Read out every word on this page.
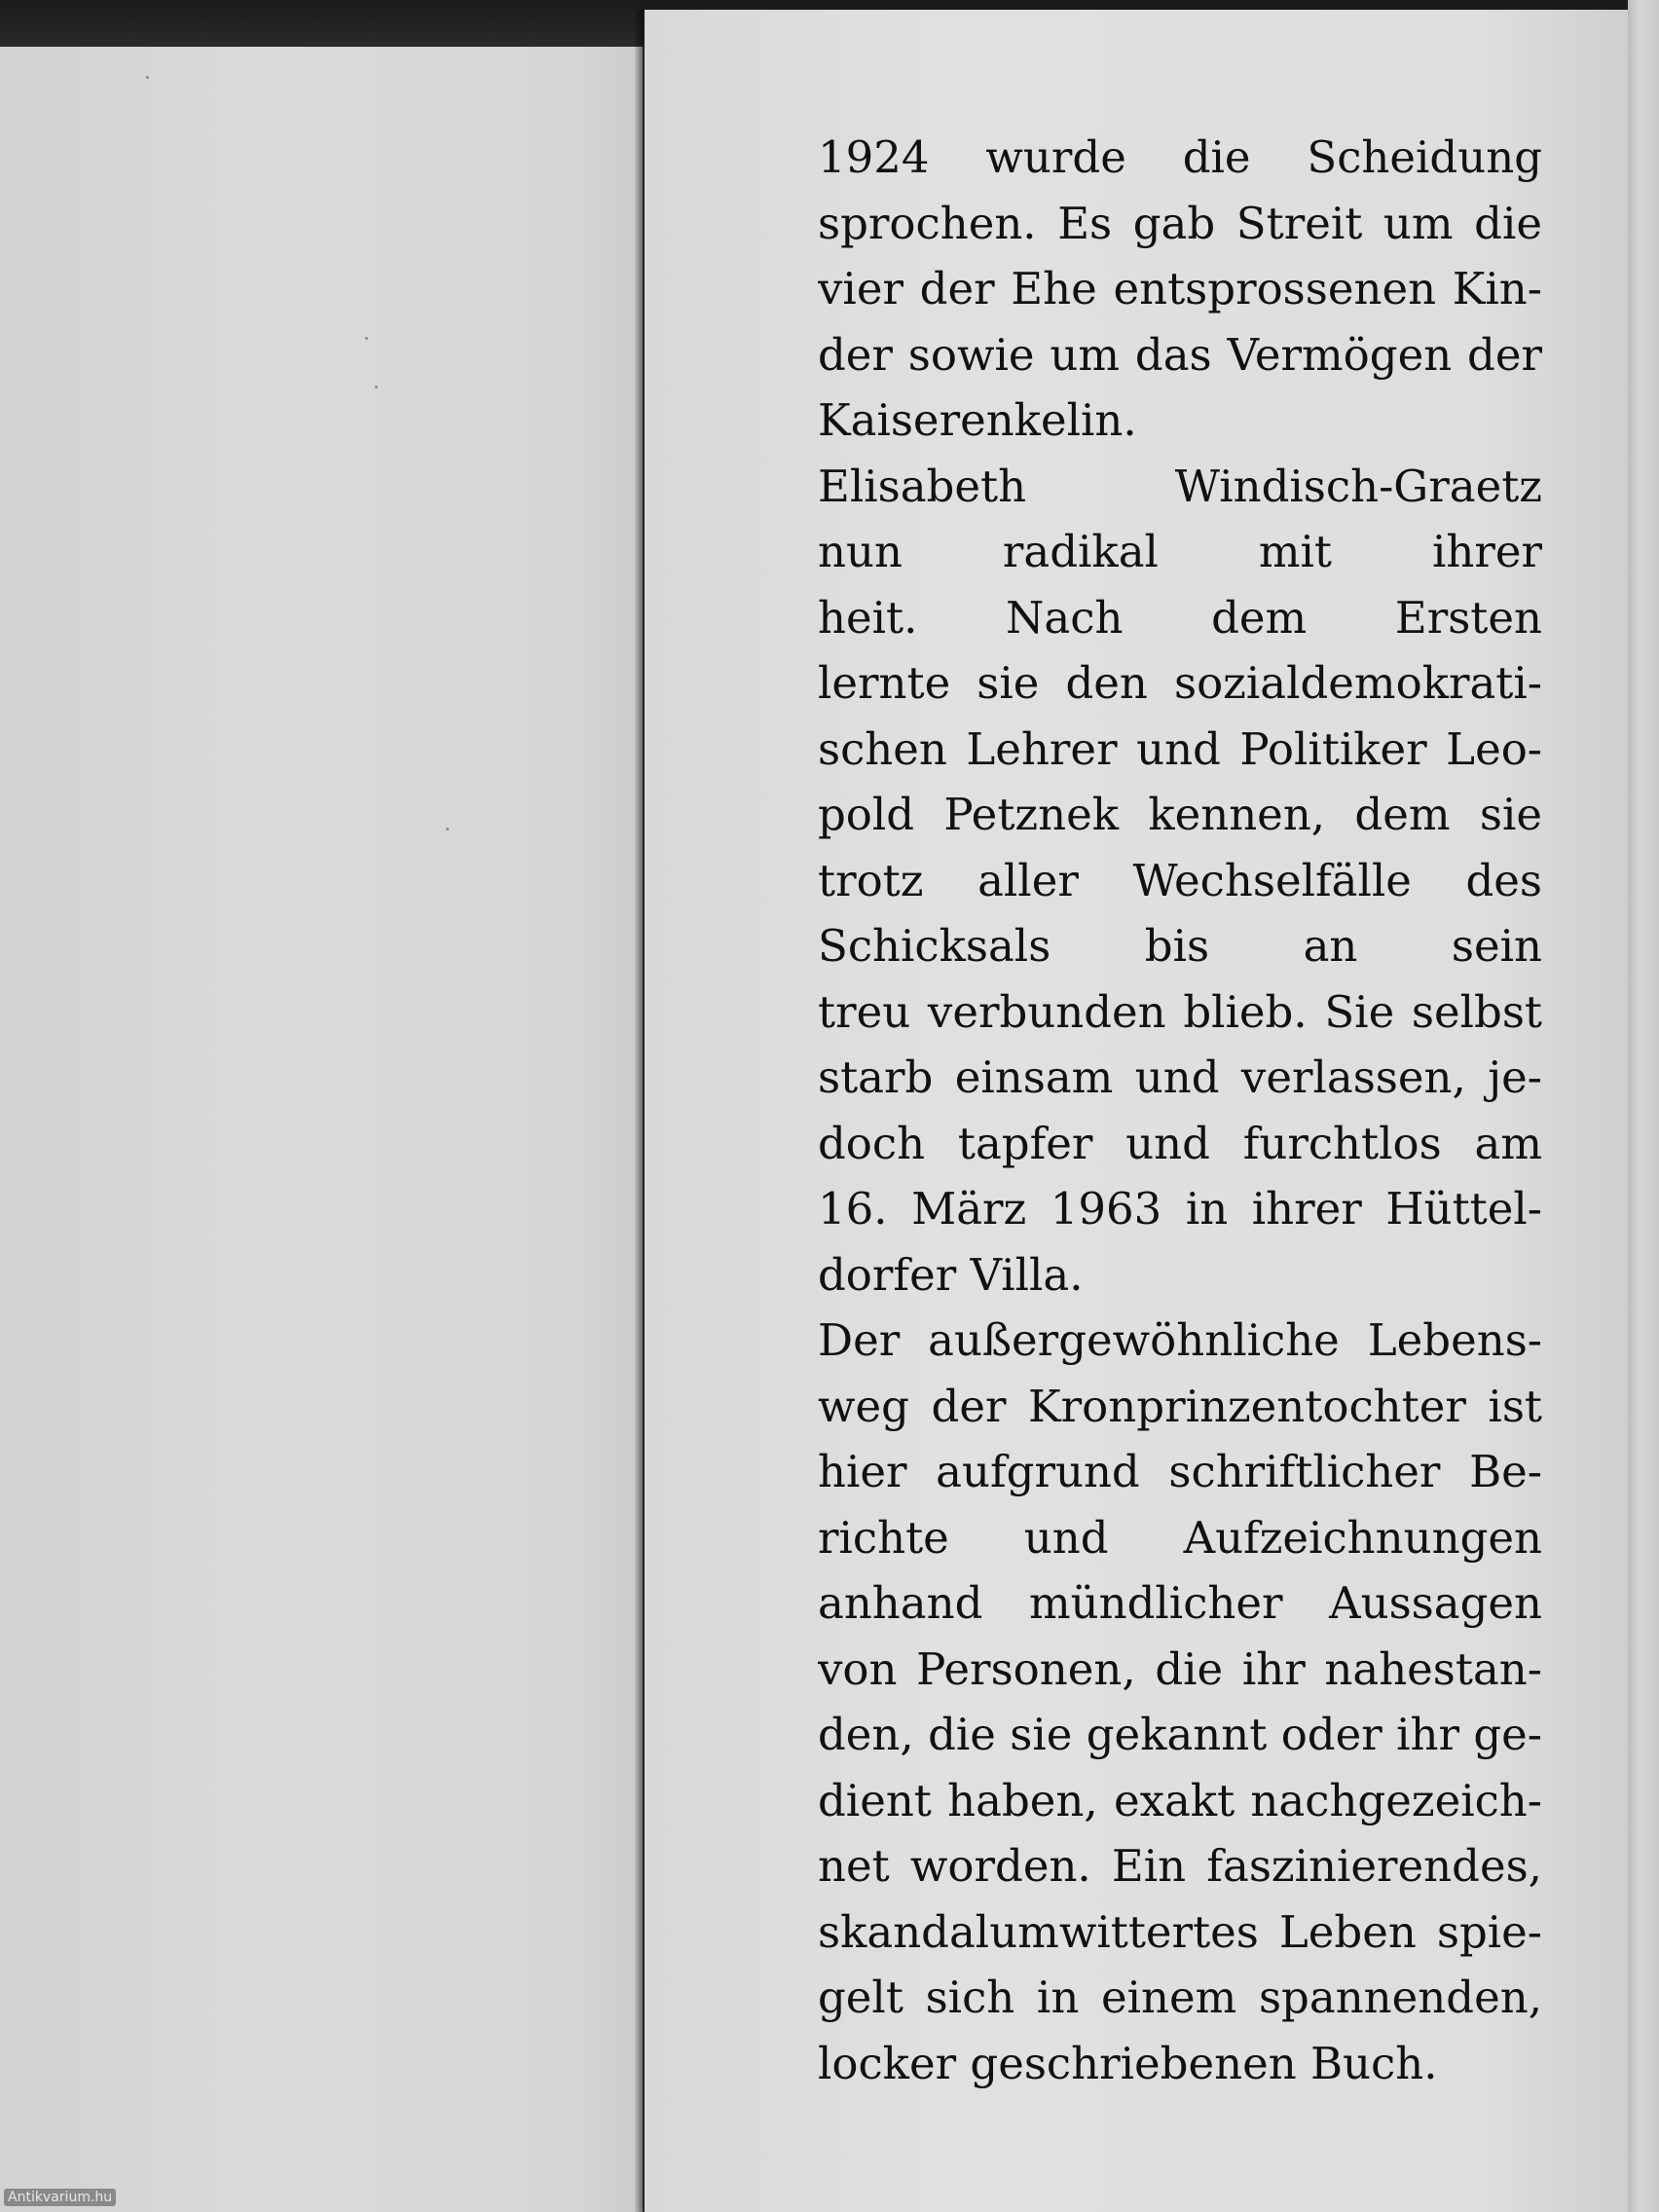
1924 wurde die Scheidung
sprochen. Es gab Streit um die
vier der Ehe entsprossenen Kin-
der sowie um das Vermögen der
Kaiserenkelin.
Elisabeth Windisch-Graetz
nun radikal mit ihrer
heit. Nach dem Ersten
lernte sie den sozialdemokrati-
schen Lehrer und Politiker Leo-
pold Petznek kennen, dem sie
trotz aller Wechselfälle des
Schicksals bis an sein
treu verbunden blieb. Sie selbst
starb einsam und verlassen, je-
doch tapfer und furchtlos am
16. März 1963 in ihrer Hüttel-
dorfer Villa.
Der außergewöhnliche Lebens-
weg der Kronprinzentochter ist
hier aufgrund schriftlicher Be-
richte und Aufzeichnungen
anhand mündlicher Aussagen
von Personen, die ihr nahestan-
den, die sie gekannt oder ihr ge-
dient haben, exakt nachgezeich-
net worden. Ein faszinierendes,
skandalumwittertes Leben spie-
gelt sich in einem spannenden,
locker geschriebenen Buch.
Antikvarium.hu
